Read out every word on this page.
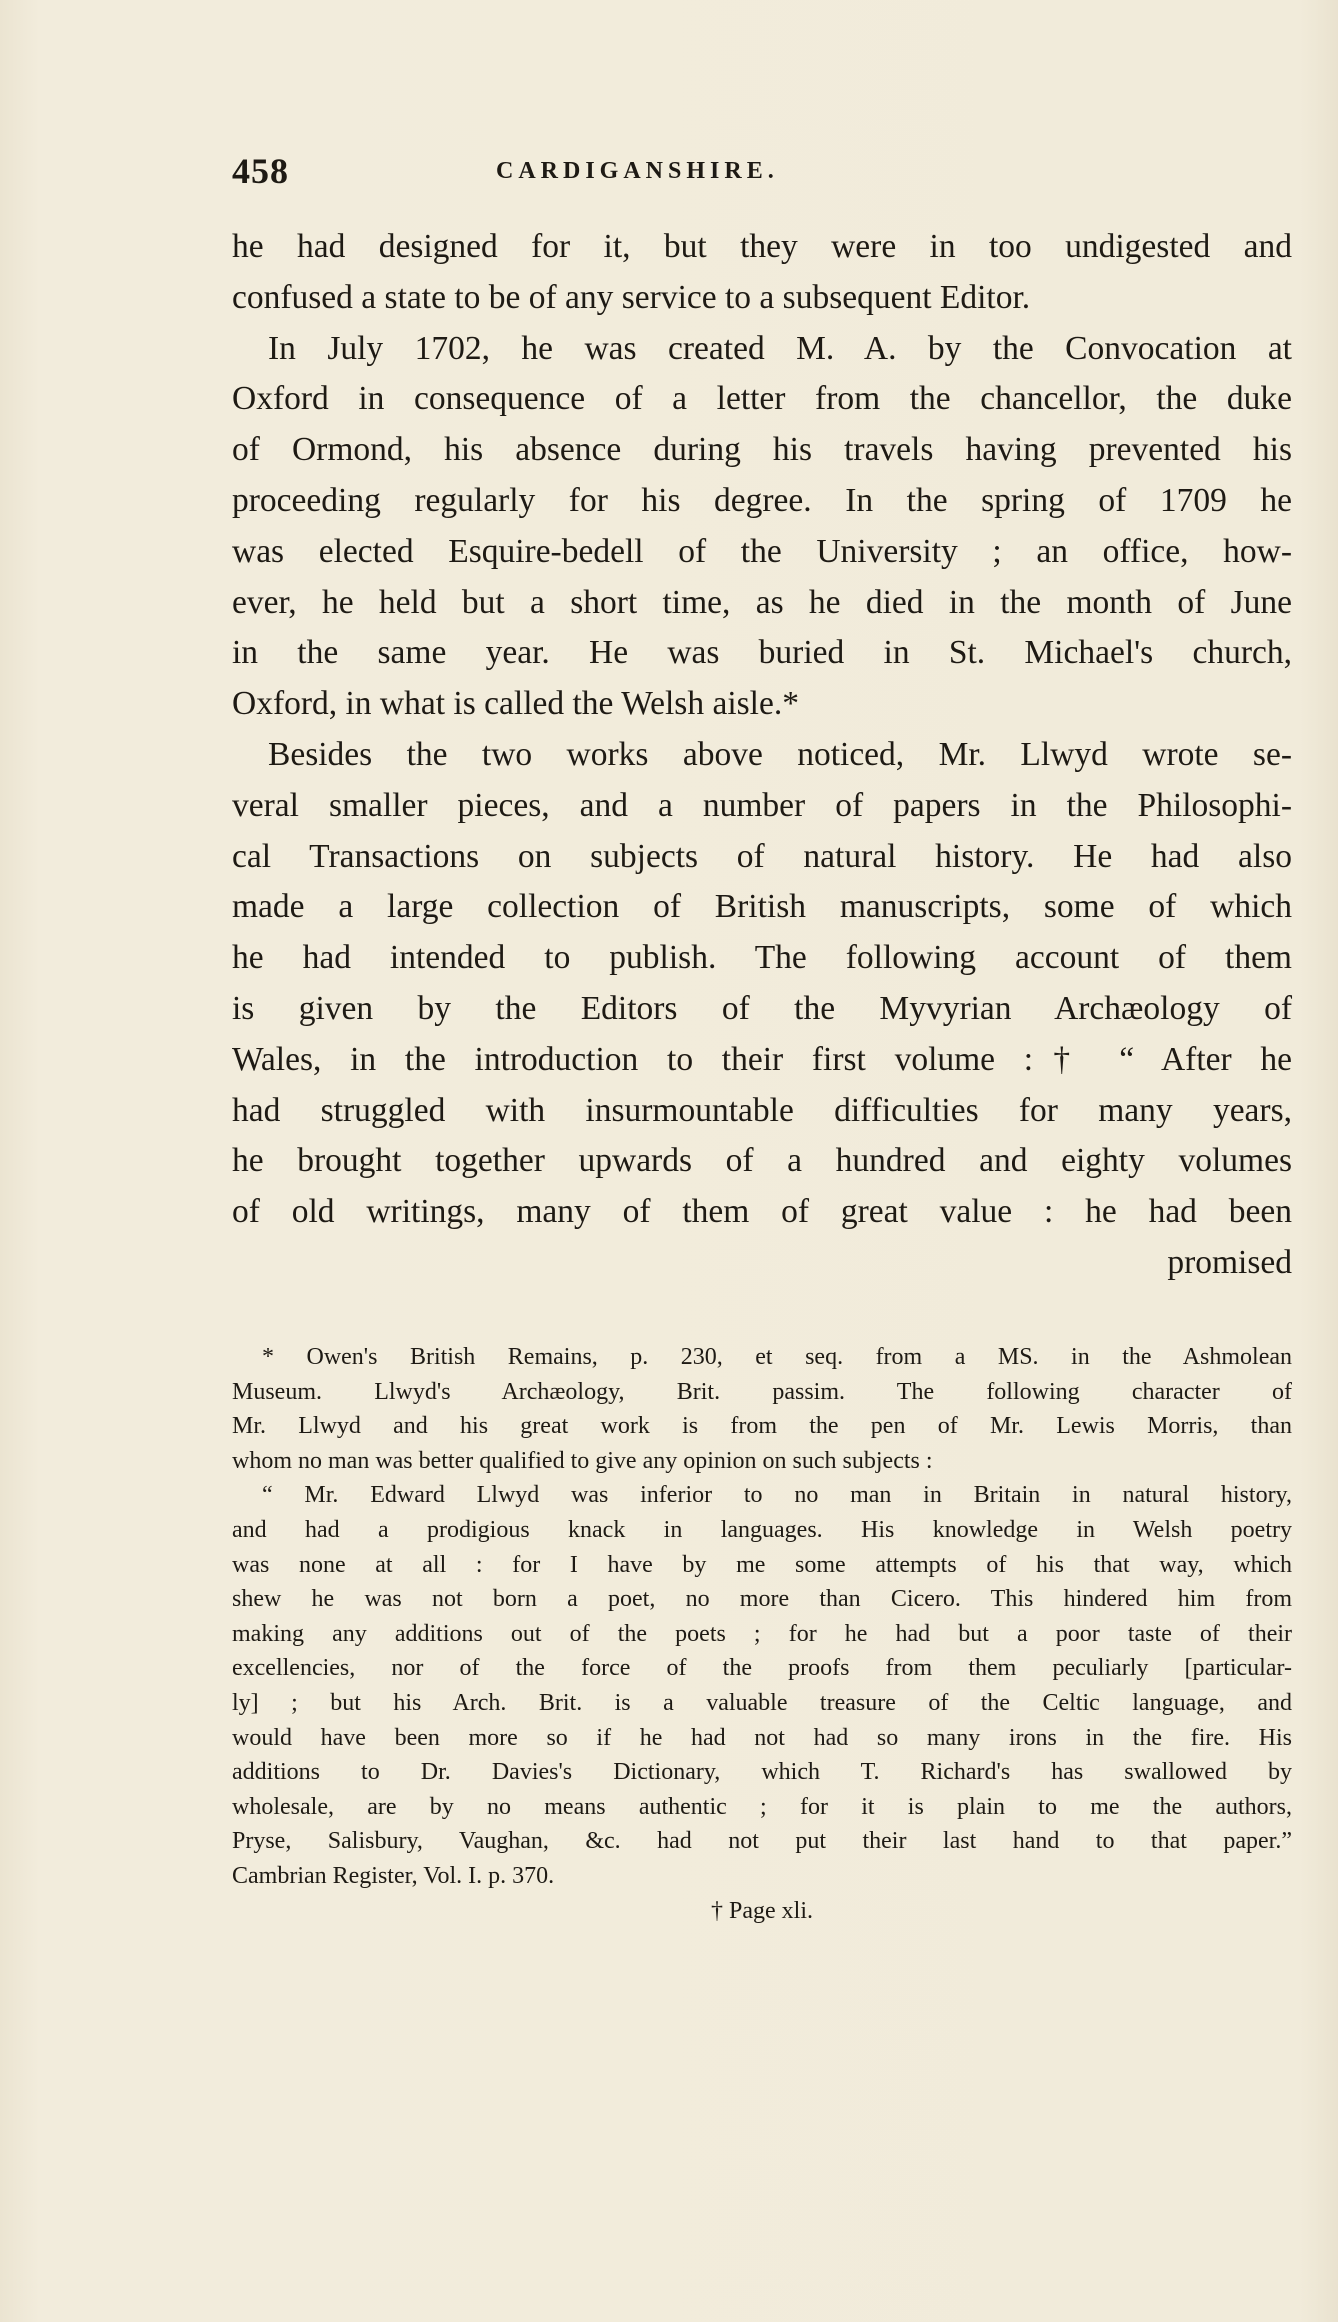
458	CARDIGANSHIRE.
he had designed for it, but they were in too undigested and
confused a state to be of any service to a subsequent Editor.
In July 1702, he was created M. A. by the Convocation at
Oxford in consequence of a letter from the chancellor, the duke
of Ormond, his absence during his travels having prevented his
proceeding regularly for his degree. In the spring of 1709 he
was elected Esquire-bedell of the University ; an office, how-
ever, he held but a short time, as he died in the month of June
in the same year. He was buried in St. Michael's church,
Oxford, in what is called the Welsh aisle.*
Besides the two works above noticed, Mr. Llwyd wrote se-
veral smaller pieces, and a number of papers in the Philosophi-
cal Transactions on subjects of natural history. He had also
made a large collection of British manuscripts, some of which
he had intended to publish. The following account of them
is given by the Editors of the Myvyrian Archæology of
Wales, in the introduction to their first volume :† “ After he
had struggled with insurmountable difficulties for many years,
he brought together upwards of a hundred and eighty volumes
of old writings, many of them of great value : he had been
promised
* Owen's British Remains, p. 230, et seq. from a MS. in the Ashmolean
Museum. Llwyd's Archæology, Brit. passim. The following character of
Mr. Llwyd and his great work is from the pen of Mr. Lewis Morris, than
whom no man was better qualified to give any opinion on such subjects :
“ Mr. Edward Llwyd was inferior to no man in Britain in natural history,
and had a prodigious knack in languages. His knowledge in Welsh poetry
was none at all : for I have by me some attempts of his that way, which
shew he was not born a poet, no more than Cicero. This hindered him from
making any additions out of the poets ; for he had but a poor taste of their
excellencies, nor of the force of the proofs from them peculiarly [particular-
ly] ; but his Arch. Brit. is a valuable treasure of the Celtic language, and
would have been more so if he had not had so many irons in the fire. His
additions to Dr. Davies's Dictionary, which T. Richard's has swallowed by
wholesale, are by no means authentic ; for it is plain to me the authors,
Pryse, Salisbury, Vaughan, &c. had not put their last hand to that paper.”
Cambrian Register, Vol. I. p. 370.
† Page xli.
